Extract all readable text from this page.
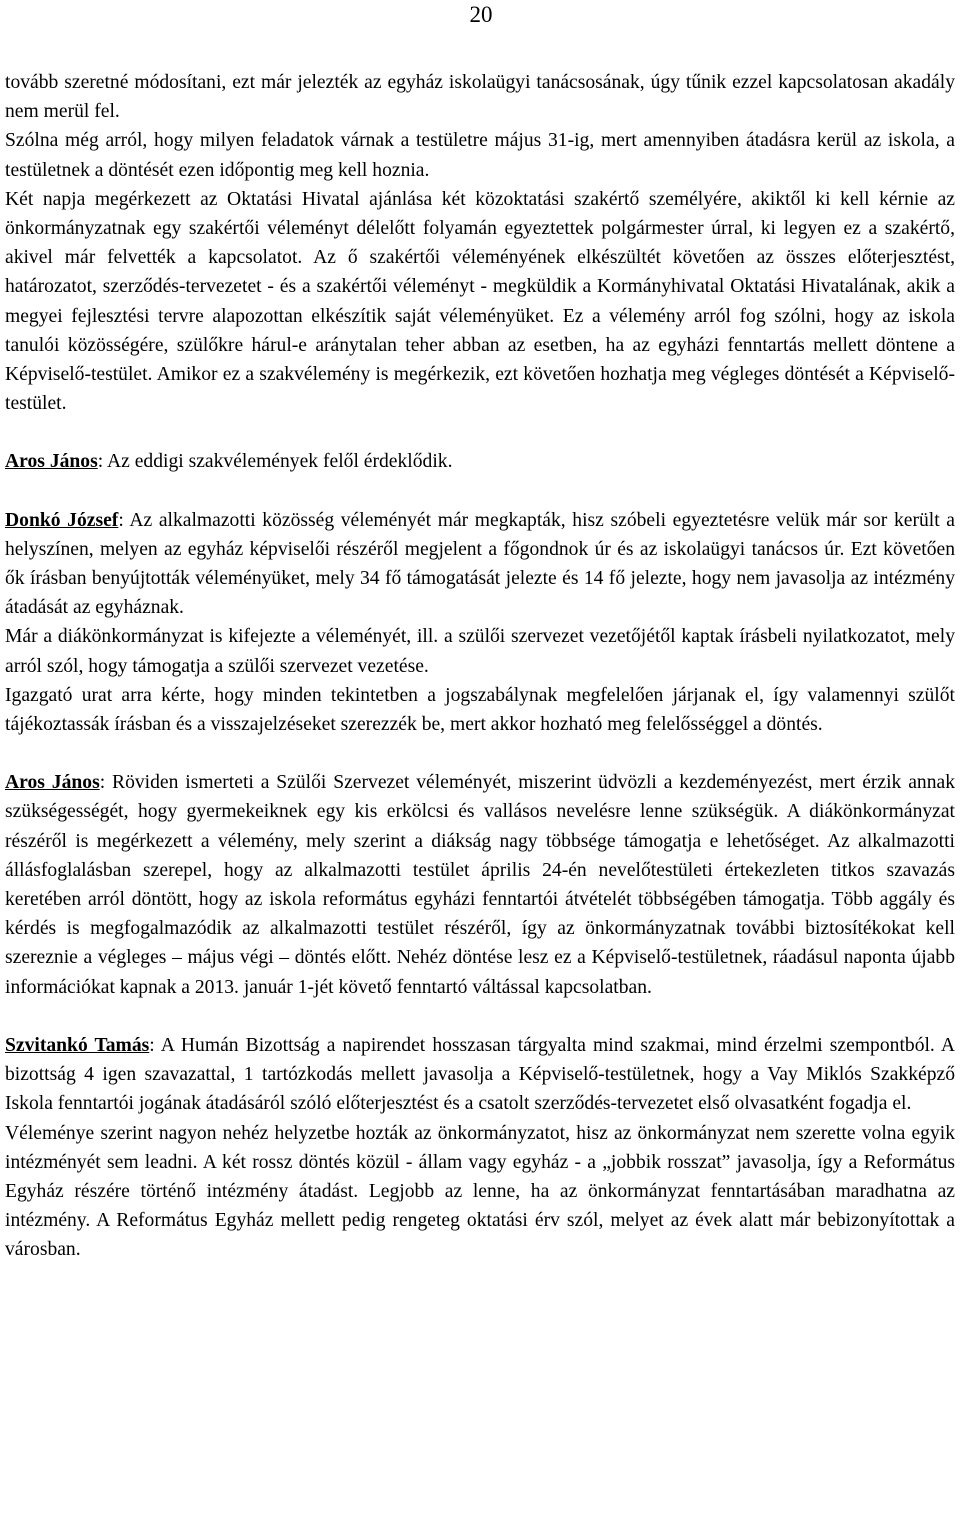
20

tovább szeretné módosítani, ezt már jelezték az egyház iskolaügyi tanácsosának, úgy tűnik ezzel kapcsolatosan akadály nem merül fel.

Szólna még arról, hogy milyen feladatok várnak a testületre május 31-ig, mert amennyiben átadásra kerül az iskola, a testületnek a döntését ezen időpontig meg kell hoznia.

Két napja megérkezett az Oktatási Hivatal ajánlása két közoktatási szakértő személyére, akiktől ki kell kérnie az önkormányzatnak egy szakértői véleményt délelőtt folyamán egyeztettek polgármester úrral, ki legyen ez a szakértő, akivel már felvették a kapcsolatot. Az ő szakértői véleményének elkészültét követően az összes előterjesztést, határozatot, szerződés-tervezetet - és a szakértői véleményt - megküldik a Kormányhivatal Oktatási Hivatalának, akik a megyei fejlesztési tervre alapozottan elkészítik saját véleményüket. Ez a vélemény arról fog szólni, hogy az iskola tanulói közösségére, szülőkre hárul-e aránytalan teher abban az esetben, ha az egyházi fenntartás mellett döntene a Képviselő-testület. Amikor ez a szakvélemény is megérkezik, ezt követően hozhatja meg végleges döntését a Képviselő-testület.

Aros János: Az eddigi szakvélemények felől érdeklődik.

Donkó József: Az alkalmazotti közösség véleményét már megkapták, hisz szóbeli egyeztetésre velük már sor került a helyszínen, melyen az egyház képviselői részéről megjelent a főgondnok úr és az iskolaügyi tanácsos úr. Ezt követően ők írásban benyújtották véleményüket, mely 34 fő támogatását jelezte és 14 fő jelezte, hogy nem javasolja az intézmény átadását az egyháznak.

Már a diákönkormányzat is kifejezte a véleményét, ill. a szülői szervezet vezetőjétől kaptak írásbeli nyilatkozatot, mely arról szól, hogy támogatja a szülői szervezet vezetése.

Igazgató urat arra kérte, hogy minden tekintetben a jogszabálynak megfelelően járjanak el, így valamennyi szülőt tájékoztassák írásban és a visszajelzéseket szerezzék be, mert akkor hozható meg felelősséggel a döntés.

Aros János: Röviden ismerteti a Szülői Szervezet véleményét, miszerint üdvözli a kezdeményezést, mert érzik annak szükségességét, hogy gyermekeiknek egy kis erkölcsi és vallásos nevelésre lenne szükségük. A diákönkormányzat részéről is megérkezett a vélemény, mely szerint a diákság nagy többsége támogatja e lehetőséget. Az alkalmazotti állásfoglalásban szerepel, hogy az alkalmazotti testület április 24-én nevelőtestületi értekezleten titkos szavazás keretében arról döntött, hogy az iskola református egyházi fenntartói átvételét többségében támogatja. Több aggály és kérdés is megfogalmazódik az alkalmazotti testület részéről, így az önkormányzatnak további biztosítékokat kell szereznie a végleges – május végi – döntés előtt. Nehéz döntése lesz ez a Képviselő-testületnek, ráadásul naponta újabb információkat kapnak a 2013. január 1-jét követő fenntartó váltással kapcsolatban.

Szvitankó Tamás: A Humán Bizottság a napirendet hosszasan tárgyalta mind szakmai, mind érzelmi szempontból. A bizottság 4 igen szavazattal, 1 tartózkodás mellett javasolja a Képviselő-testületnek, hogy a Vay Miklós Szakképző Iskola fenntartói jogának átadásáról szóló előterjesztést és a csatolt szerződés-tervezetet első olvasatként fogadja el.

Véleménye szerint nagyon nehéz helyzetbe hozták az önkormányzatot, hisz az önkormányzat nem szerette volna egyik intézményét sem leadni. A két rossz döntés közül - állam vagy egyház - a „jobbik rosszat” javasolja, így a Református Egyház részére történő intézmény átadást. Legjobb az lenne, ha az önkormányzat fenntartásában maradhatna az intézmény. A Református Egyház mellett pedig rengeteg oktatási érv szól, melyet az évek alatt már bebizonyítottak a városban.
